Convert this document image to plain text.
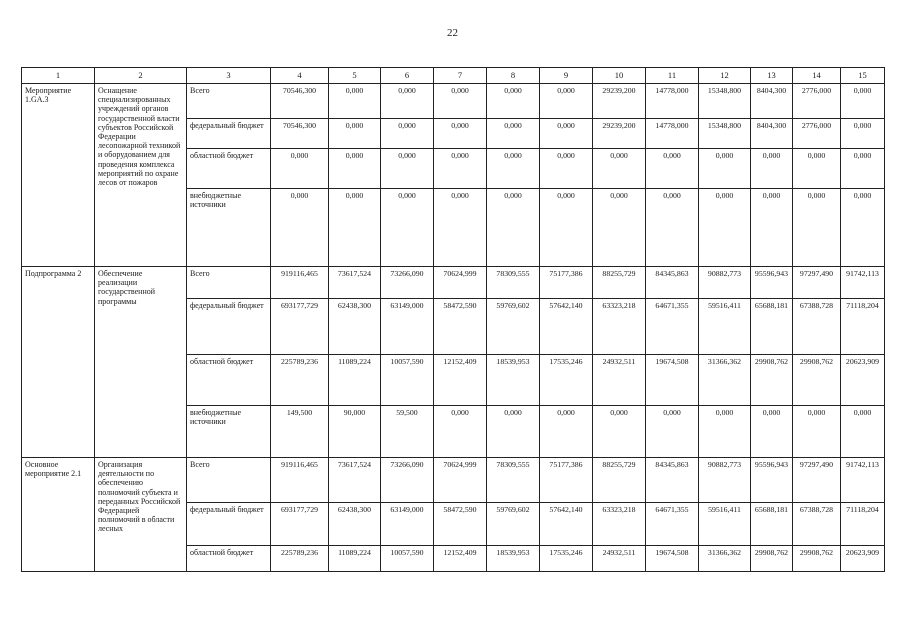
22
1	2	3	4	5	6	7	8	9	10	11	12	13	14	15
Мероприятие 1.GA.3	Оснащение специализированных учреждений органов государственной власти субъектов Российской Федерации лесопожарной техникой и оборудованием для проведения комплекса мероприятий по охране лесов от пожаров	Всего	70546,300	0,000	0,000	0,000	0,000	0,000	29239,200	14778,000	15348,800	8404,300	2776,000	0,000
		федеральный бюджет	70546,300	0,000	0,000	0,000	0,000	0,000	29239,200	14778,000	15348,800	8404,300	2776,000	0,000
		областной бюджет	0,000	0,000	0,000	0,000	0,000	0,000	0,000	0,000	0,000	0,000	0,000	0,000
		внебюджетные источники	0,000	0,000	0,000	0,000	0,000	0,000	0,000	0,000	0,000	0,000	0,000	0,000
Подпрограмма 2	Обеспечение реализации государственной программы	Всего	919116,465	73617,524	73266,090	70624,999	78309,555	75177,386	88255,729	84345,863	90882,773	95596,943	97297,490	91742,113
		федеральный бюджет	693177,729	62438,300	63149,000	58472,590	59769,602	57642,140	63323,218	64671,355	59516,411	65688,181	67388,728	71118,204
		областной бюджет	225789,236	11089,224	10057,590	12152,409	18539,953	17535,246	24932,511	19674,508	31366,362	29908,762	29908,762	20623,909
		внебюджетные источники	149,500	90,000	59,500	0,000	0,000	0,000	0,000	0,000	0,000	0,000	0,000	0,000
Основное мероприятие 2.1	Организация деятельности по обеспечению полномочий субъекта и переданных Российской Федерацией полномочий в области лесных	Всего	919116,465	73617,524	73266,090	70624,999	78309,555	75177,386	88255,729	84345,863	90882,773	95596,943	97297,490	91742,113
		федеральный бюджет	693177,729	62438,300	63149,000	58472,590	59769,602	57642,140	63323,218	64671,355	59516,411	65688,181	67388,728	71118,204
		областной бюджет	225789,236	11089,224	10057,590	12152,409	18539,953	17535,246	24932,511	19674,508	31366,362	29908,762	29908,762	20623,909
